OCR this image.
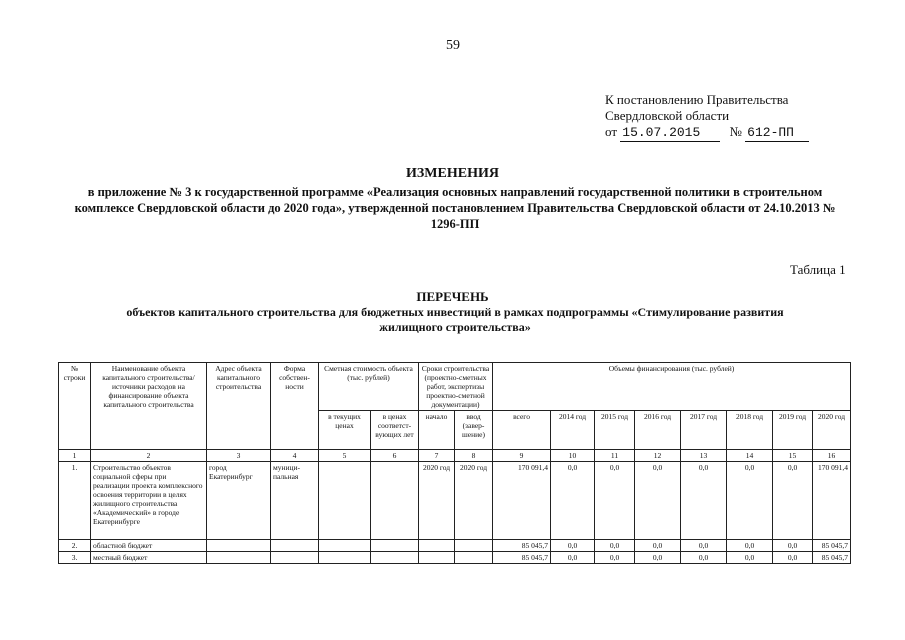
59
К постановлению Правительства
Свердловской области
от 15.07.2015 № 612-ПП
ИЗМЕНЕНИЯ
в приложение № 3 к государственной программе «Реализация основных направлений государственной политики в строительном комплексе Свердловской области до 2020 года», утвержденной постановлением Правительства Свердловской области от 24.10.2013 № 1296-ПП
Таблица 1
ПЕРЕЧЕНЬ
объектов капитального строительства для бюджетных инвестиций в рамках подпрограммы «Стимулирование развития жилищного строительства»
№ строки	Наименование объекта капитального строительства/ источники расходов на финансирование объекта капитального строительства	Адрес объекта капитального строительства	Форма собствен-ности	Сметная стоимость объекта (тыс. рублей)		Сроки строительства (проектно-сметных работ, экспертизы проектно-сметной документации)		Объемы финансирования (тыс. рублей)							
				в текущих ценах	в ценах соответст-вующих лет	начало	ввод (завер-шение)	всего	2014 год	2015 год	2016 год	2017 год	2018 год	2019 год	2020 год
1	2	3	4	5	6	7	8	9	10	11	12	13	14	15	16
1.	Строительство объектов социальной сферы при реализации проекта комплексного освоения территории в целях жилищного строительства «Академический» в городе Екатеринбурге	город Екатеринбург	муници-пальная			2020 год	2020 год	170 091,4	0,0	0,0	0,0	0,0	0,0	0,0	170 091,4
2.	областной бюджет							85 045,7	0,0	0,0	0,0	0,0	0,0	0,0	85 045,7
3.	местный бюджет							85 045,7	0,0	0,0	0,0	0,0	0,0	0,0	85 045,7
